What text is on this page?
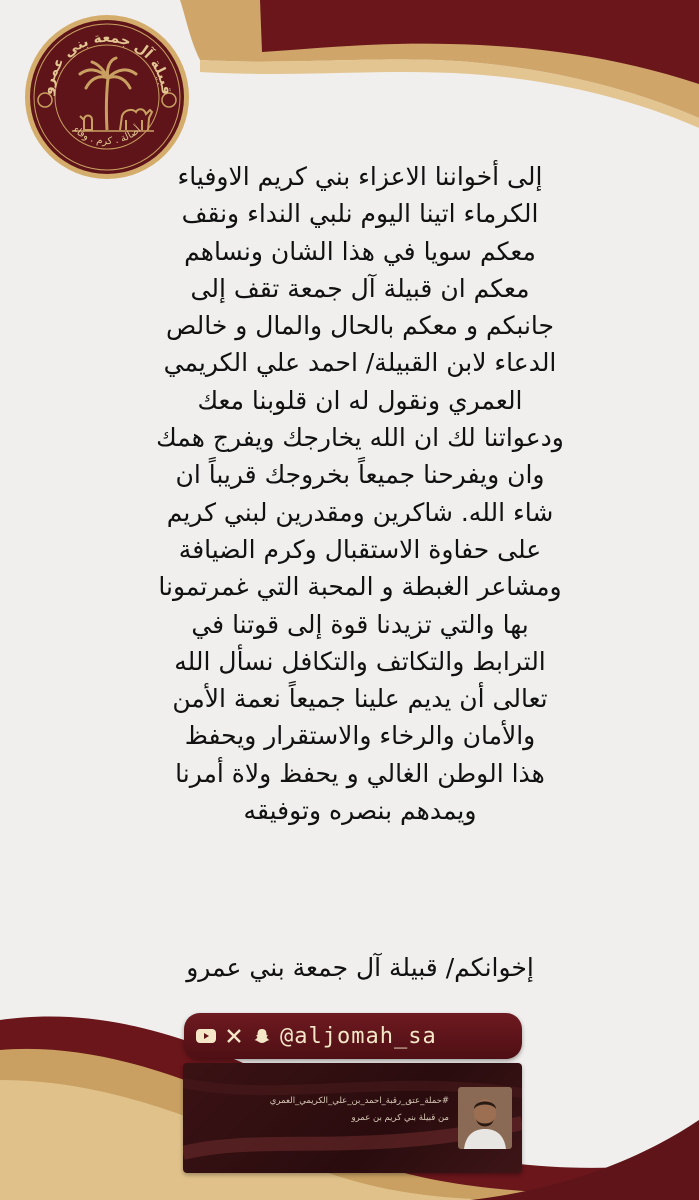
قبيلة آل جمعة بني عمرو
أصالة . كرم . وفاء
إلى أخواننا الاعزاء بني كريم الاوفياء
الكرماء اتينا اليوم نلبي النداء ونقف
معكم سويا في هذا الشان ونساهم
معكم ان قبيلة آل جمعة تقف إلى
جانبكم و معكم بالحال والمال و خالص
الدعاء لابن القبيلة/ احمد علي الكريمي
العمري ونقول له ان قلوبنا معك
ودعواتنا لك ان الله يخارجك ويفرج همك
وان ويفرحنا جميعاً بخروجك قريباً ان
شاء الله. شاكرين ومقدرين لبني كريم
على حفاوة الاستقبال وكرم الضيافة
ومشاعر الغبطة و المحبة التي غمرتمونا
بها والتي تزيدنا قوة إلى قوتنا في
الترابط والتكاتف والتكافل نسأل الله
تعالى أن يديم علينا جميعاً نعمة الأمن
والأمان والرخاء والاستقرار ويحفظ
هذا الوطن الغالي و يحفظ ولاة أمرنا
ويمدهم بنصره وتوفيقه
إخوانكم/ قبيلة آل جمعة بني عمرو
@aljomah_sa
#حملة_عتق_رقبة_احمد_بن_علي_الكريمي_العمري
من قبيلة بني كريم بن عمرو
